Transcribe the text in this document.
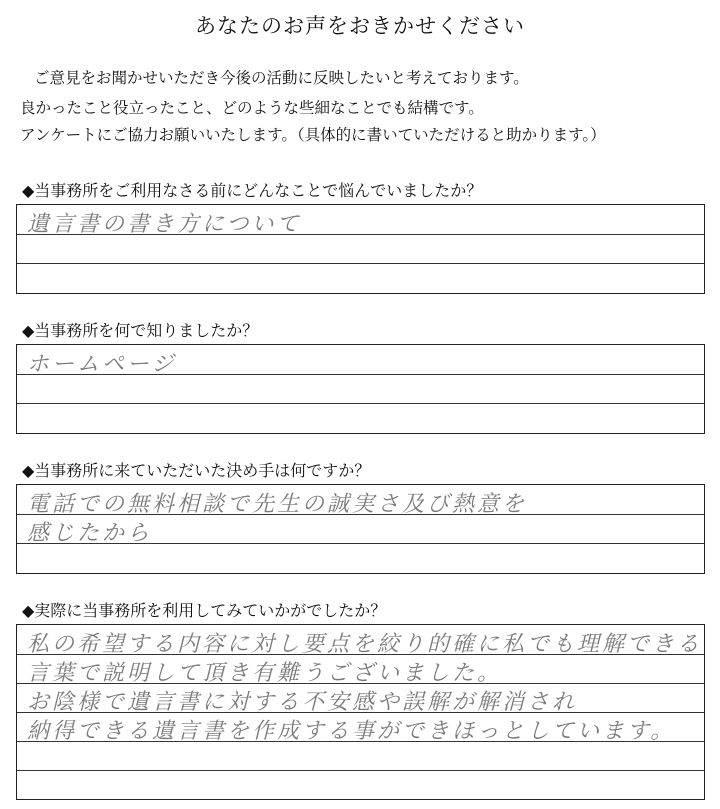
あなたのお声をおきかせください
ご意見をお聞かせいただき今後の活動に反映したいと考えております。
良かったこと役立ったこと、どのような些細なことでも結構です。
アンケートにご協力お願いいたします。（具体的に書いていただけると助かります。）
◆当事務所をご利用なさる前にどんなことで悩んでいましたか？
遺言書の書き方について
◆当事務所を何で知りましたか？
ホームページ
◆当事務所に来ていただいた決め手は何ですか？
電話での無料相談で先生の誠実さ及び熱意を
感じたから
◆実際に当事務所を利用してみていかがでしたか？
私の希望する内容に対し要点を絞り的確に私でも理解できる
言葉で説明して頂き有難うございました。
お陰様で遺言書に対する不安感や誤解が解消され
納得できる遺言書を作成する事ができほっとしています。
